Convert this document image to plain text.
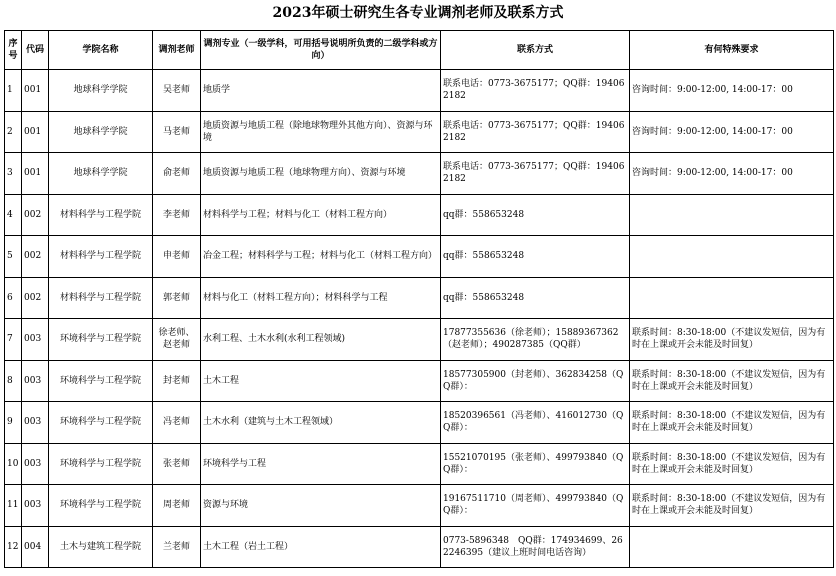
2023年硕士研究生各专业调剂老师及联系方式
序号	代码	学院名称	调剂老师	调剂专业（一级学科，可用括号说明所负责的二级学科或方向）	联系方式	有何特殊要求
1	001	地球科学学院	吴老师	地质学	联系电话：0773-3675177；QQ群：194062182	咨询时间：9:00-12:00, 14:00-17：00
2	001	地球科学学院	马老师	地质资源与地质工程（除地球物理外其他方向）、资源与环境	联系电话：0773-3675177；QQ群：194062182	咨询时间：9:00-12:00, 14:00-17：00
3	001	地球科学学院	俞老师	地质资源与地质工程（地球物理方向）、资源与环境	联系电话：0773-3675177；QQ群：194062182	咨询时间：9:00-12:00, 14:00-17：00
4	002	材料科学与工程学院	李老师	材料科学与工程；材料与化工（材料工程方向）	qq群：558653248	
5	002	材料科学与工程学院	申老师	冶金工程；材料科学与工程；材料与化工（材料工程方向）	qq群：558653248	
6	002	材料科学与工程学院	郭老师	材料与化工（材料工程方向）；材料科学与工程	qq群：558653248	
7	003	环境科学与工程学院	徐老师、赵老师	水利工程、土木水利(水利工程领域)	17877355636（徐老师）；15889367362（赵老师）；490287385（QQ群）	联系时间：8:30-18:00（不建议发短信，因为有时在上课或开会未能及时回复）
8	003	环境科学与工程学院	封老师	土木工程	18577305900（封老师）、362834258（QQ群）：	联系时间：8:30-18:00（不建议发短信，因为有时在上课或开会未能及时回复）
9	003	环境科学与工程学院	冯老师	土木水利（建筑与土木工程领域）	18520396561（冯老师）、416012730（QQ群）：	联系时间：8:30-18:00（不建议发短信，因为有时在上课或开会未能及时回复）
10	003	环境科学与工程学院	张老师	环境科学与工程	15521070195（张老师）、499793840（QQ群）：	联系时间：8:30-18:00（不建议发短信，因为有时在上课或开会未能及时回复）
11	003	环境科学与工程学院	周老师	资源与环境	19167511710（周老师）、499793840（QQ群）：	联系时间：8:30-18:00（不建议发短信，因为有时在上课或开会未能及时回复）
12	004	土木与建筑工程学院	兰老师	土木工程（岩土工程）	0773-5896348　QQ群：174934699、262246395（建议上班时间电话咨询）	
